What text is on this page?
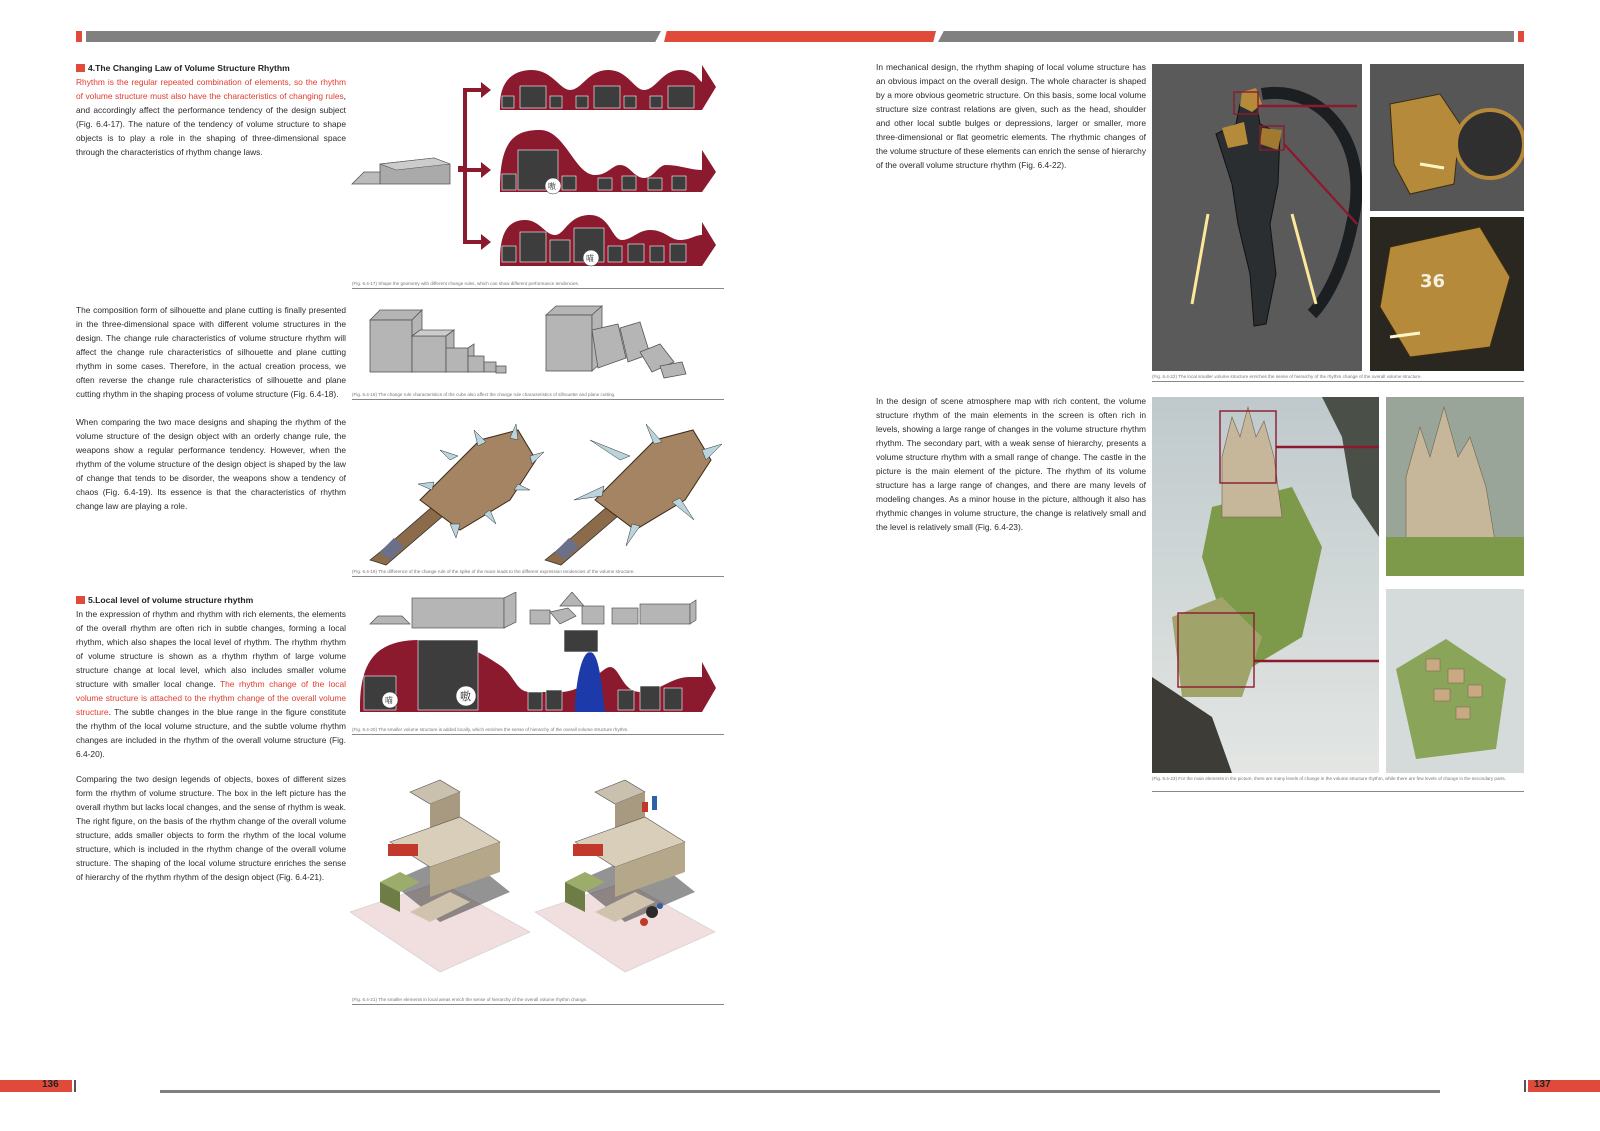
4.The Changing Law of Volume Structure Rhythm

Rhythm is the regular repeated combination of elements, so the rhythm of volume structure must also have the characteristics of changing rules, and accordingly affect the performance tendency of the design subject (Fig. 6.4-17). The nature of the tendency of volume structure to shape objects is to play a role in the shaping of three-dimensional space through the characteristics of rhythm change laws.

The composition form of silhouette and plane cutting is finally presented in the three-dimensional space with different volume structures in the design. The change rule characteristics of volume structure rhythm will affect the change rule characteristics of silhouette and plane cutting rhythm in some cases. Therefore, in the actual creation process, we often reverse the change rule characteristics of silhouette and plane cutting rhythm in the shaping process of volume structure (Fig. 6.4-18).

When comparing the two mace designs and shaping the rhythm of the volume structure of the design object with an orderly change rule, the weapons show a regular performance tendency. However, when the rhythm of the volume structure of the design object is shaped by the law of change that tends to be disorder, the weapons show a tendency of chaos (Fig. 6.4-19). Its essence is that the characteristics of rhythm change law are playing a role.

5.Local level of volume structure rhythm

In the expression of rhythm and rhythm with rich elements, the elements of the overall rhythm are often rich in subtle changes, forming a local rhythm, which also shapes the local level of rhythm. The rhythm rhythm of volume structure is shown as a rhythm rhythm of large volume structure change at local level, which also includes smaller volume structure with smaller local change. The rhythm change of the local volume structure is attached to the rhythm change of the overall volume structure. The subtle changes in the blue range in the figure constitute the rhythm of the local volume structure, and the subtle volume rhythm changes are included in the rhythm of the overall volume structure (Fig. 6.4-20).

Comparing the two design legends of objects, boxes of different sizes form the rhythm of volume structure. The box in the left picture has the overall rhythm but lacks local changes, and the sense of rhythm is weak. The right figure, on the basis of the rhythm change of the overall volume structure, adds smaller objects to form the rhythm of the local volume structure, which is included in the rhythm change of the overall volume structure. The shaping of the local volume structure enriches the sense of hierarchy of the rhythm rhythm of the design object (Fig. 6.4-21).

嗷
喵
(Fig. 6.4-17) Shape the geometry with different change rules, which can show different performance tendencies.
(Fig. 6.4-18) The change rule characteristics of the cube also affect the change rule characteristics of silhouette and plane cutting.
(Fig. 6.4-19) The difference of the change rule of the spike of the mace leads to the different expression tendencies of the volume structure.
喵	嗷
(Fig. 6.4-20) The smaller volume structure is added locally, which enriches the sense of hierarchy of the overall volume structure rhythm.
(Fig. 6.4-21) The smaller elements in local areas enrich the sense of hierarchy of the overall volume rhythm change.

In mechanical design, the rhythm shaping of local volume structure has an obvious impact on the overall design. The whole character is shaped by a more obvious geometric structure. On this basis, some local volume structure size contrast relations are given, such as the head, shoulder and other local subtle bulges or depressions, larger or smaller, more three-dimensional or flat geometric elements. The rhythmic changes of the volume structure of these elements can enrich the sense of hierarchy of the overall volume structure rhythm (Fig. 6.4-22).

In the design of scene atmosphere map with rich content, the volume structure rhythm of the main elements in the screen is often rich in levels, showing a large range of changes in the volume structure rhythm rhythm. The secondary part, with a weak sense of hierarchy, presents a volume structure rhythm with a small range of change. The castle in the picture is the main element of the picture. The rhythm of its volume structure has a large range of changes, and there are many levels of modeling changes. As a minor house in the picture, although it also has rhythmic changes in volume structure, the change is relatively small and the level is relatively small (Fig. 6.4-23).

36
(Fig. 6.4-22) The local smaller volume structure enriches the sense of hierarchy of the rhythm change of the overall volume structure.
(Fig. 6.4-23) For the main elements in the picture, there are many levels of change in the volume structure rhythm, while there are few levels of change in the secondary parts.
136	137
